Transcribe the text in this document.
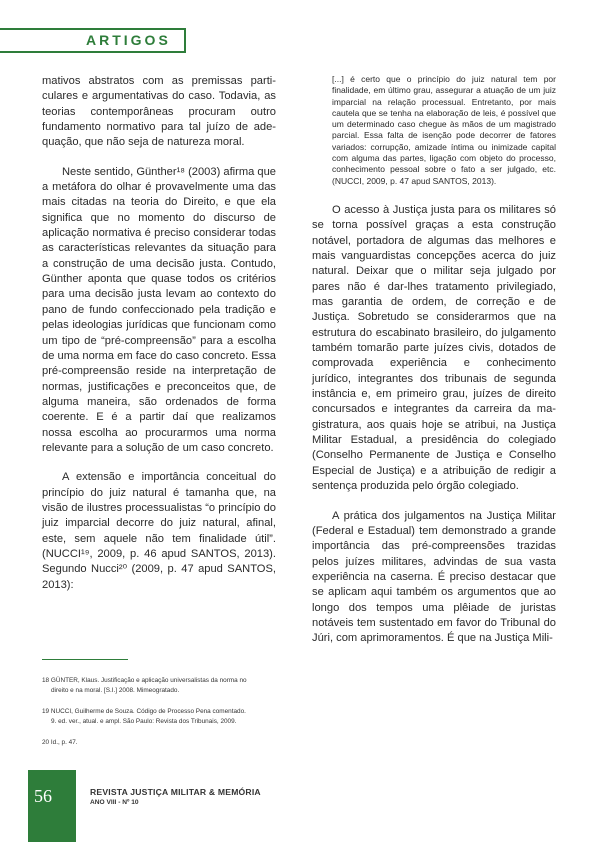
ARTIGOS

mativos abstratos com as premissas particulares e argumentativas do caso. Todavia, as teorias contemporâneas procuram outro fundamento normativo para tal juízo de adequação, que não seja de natureza moral.

Neste sentido, Günther¹⁸ (2003) afirma que a metáfora do olhar é provavelmente uma das mais citadas na teoria do Direito, e que ela significa que no momento do discurso de aplicação normativa é preciso considerar todas as características relevantes da situação para a construção de uma decisão justa. Contudo, Günther aponta que quase todos os critérios para uma decisão justa levam ao contexto do pano de fundo confeccionado pela tradição e pelas ideologias jurídicas que funcionam como um tipo de “pré-compreensão” para a escolha de uma norma em face do caso concreto. Essa pré-compreensão reside na interpretação de normas, justificações e preconceitos que, de alguma maneira, são ordenados de forma coerente. E é a partir daí que realizamos nossa escolha ao procurarmos uma norma relevante para a solução de um caso concreto.

A extensão e importância conceitual do princípio do juiz natural é tamanha que, na visão de ilustres processualistas “o princípio do juiz imparcial decorre do juiz natural, afinal, este, sem aquele não tem finalidade útil”. (NUCCI¹⁹, 2009, p. 46 apud SANTOS, 2013). Segundo Nucci²⁰ (2009, p. 47 apud SANTOS, 2013):

[...] é certo que o princípio do juiz natural tem por finalidade, em último grau, assegurar a atuação de um juiz imparcial na relação processual. Entretanto, por mais cautela que se tenha na elaboração de leis, é possível que um determinado caso chegue às mãos de um magistrado parcial. Essa falta de isenção pode decorrer de fatores variados: corrupção, amizade íntima ou inimizade capital com alguma das partes, ligação com objeto do processo, conhecimento pessoal sobre o fato a ser julgado, etc. (NUCCI, 2009, p. 47 apud SANTOS, 2013).

O acesso à Justiça justa para os militares só se torna possível graças a esta construção notável, portadora de algumas das melhores e mais vanguardistas concepções acerca do juiz natural. Deixar que o militar seja julgado por pares não é dar-lhes tratamento privilegiado, mas garantia de ordem, de correção e de Justiça. Sobretudo se considerarmos que na estrutura do escabinato brasileiro, do julgamento também tomarão parte juízes civis, dotados de comprovada experiência e conhecimento jurídico, integrantes dos tribunais de segunda instância e, em primeiro grau, juízes de direito concursados e integrantes da carreira da magistratura, aos quais hoje se atribui, na Justiça Militar Estadual, a presidência do colegiado (Conselho Permanente de Justiça e Conselho Especial de Justiça) e a atribuição de redigir a sentença produzida pelo órgão colegiado.

A prática dos julgamentos na Justiça Militar (Federal e Estadual) tem demonstrado a grande importância das pré-compreensões trazidas pelos juízes militares, advindas de sua vasta experiência na caserna. É preciso destacar que se aplicam aqui também os argumentos que ao longo dos tempos uma plêiade de juristas notáveis tem sustentado em favor do Tribunal do Júri, com aprimoramentos. É que na Justiça Mili-

18 GÜNTER, Klaus. Justificação e aplicação universalistas da norma no
direito e na moral. [S.I.] 2008. Mimeogratado.

19 NUCCI, Guilherme de Souza. Código de Processo Pena comentado.
9. ed. ver., atual. e ampl. São Paulo: Revista dos Tribunais, 2009.

20 Id., p. 47.

56	REVISTA JUSTIÇA MILITAR & MEMÓRIA
ANO VIII - Nº 10
